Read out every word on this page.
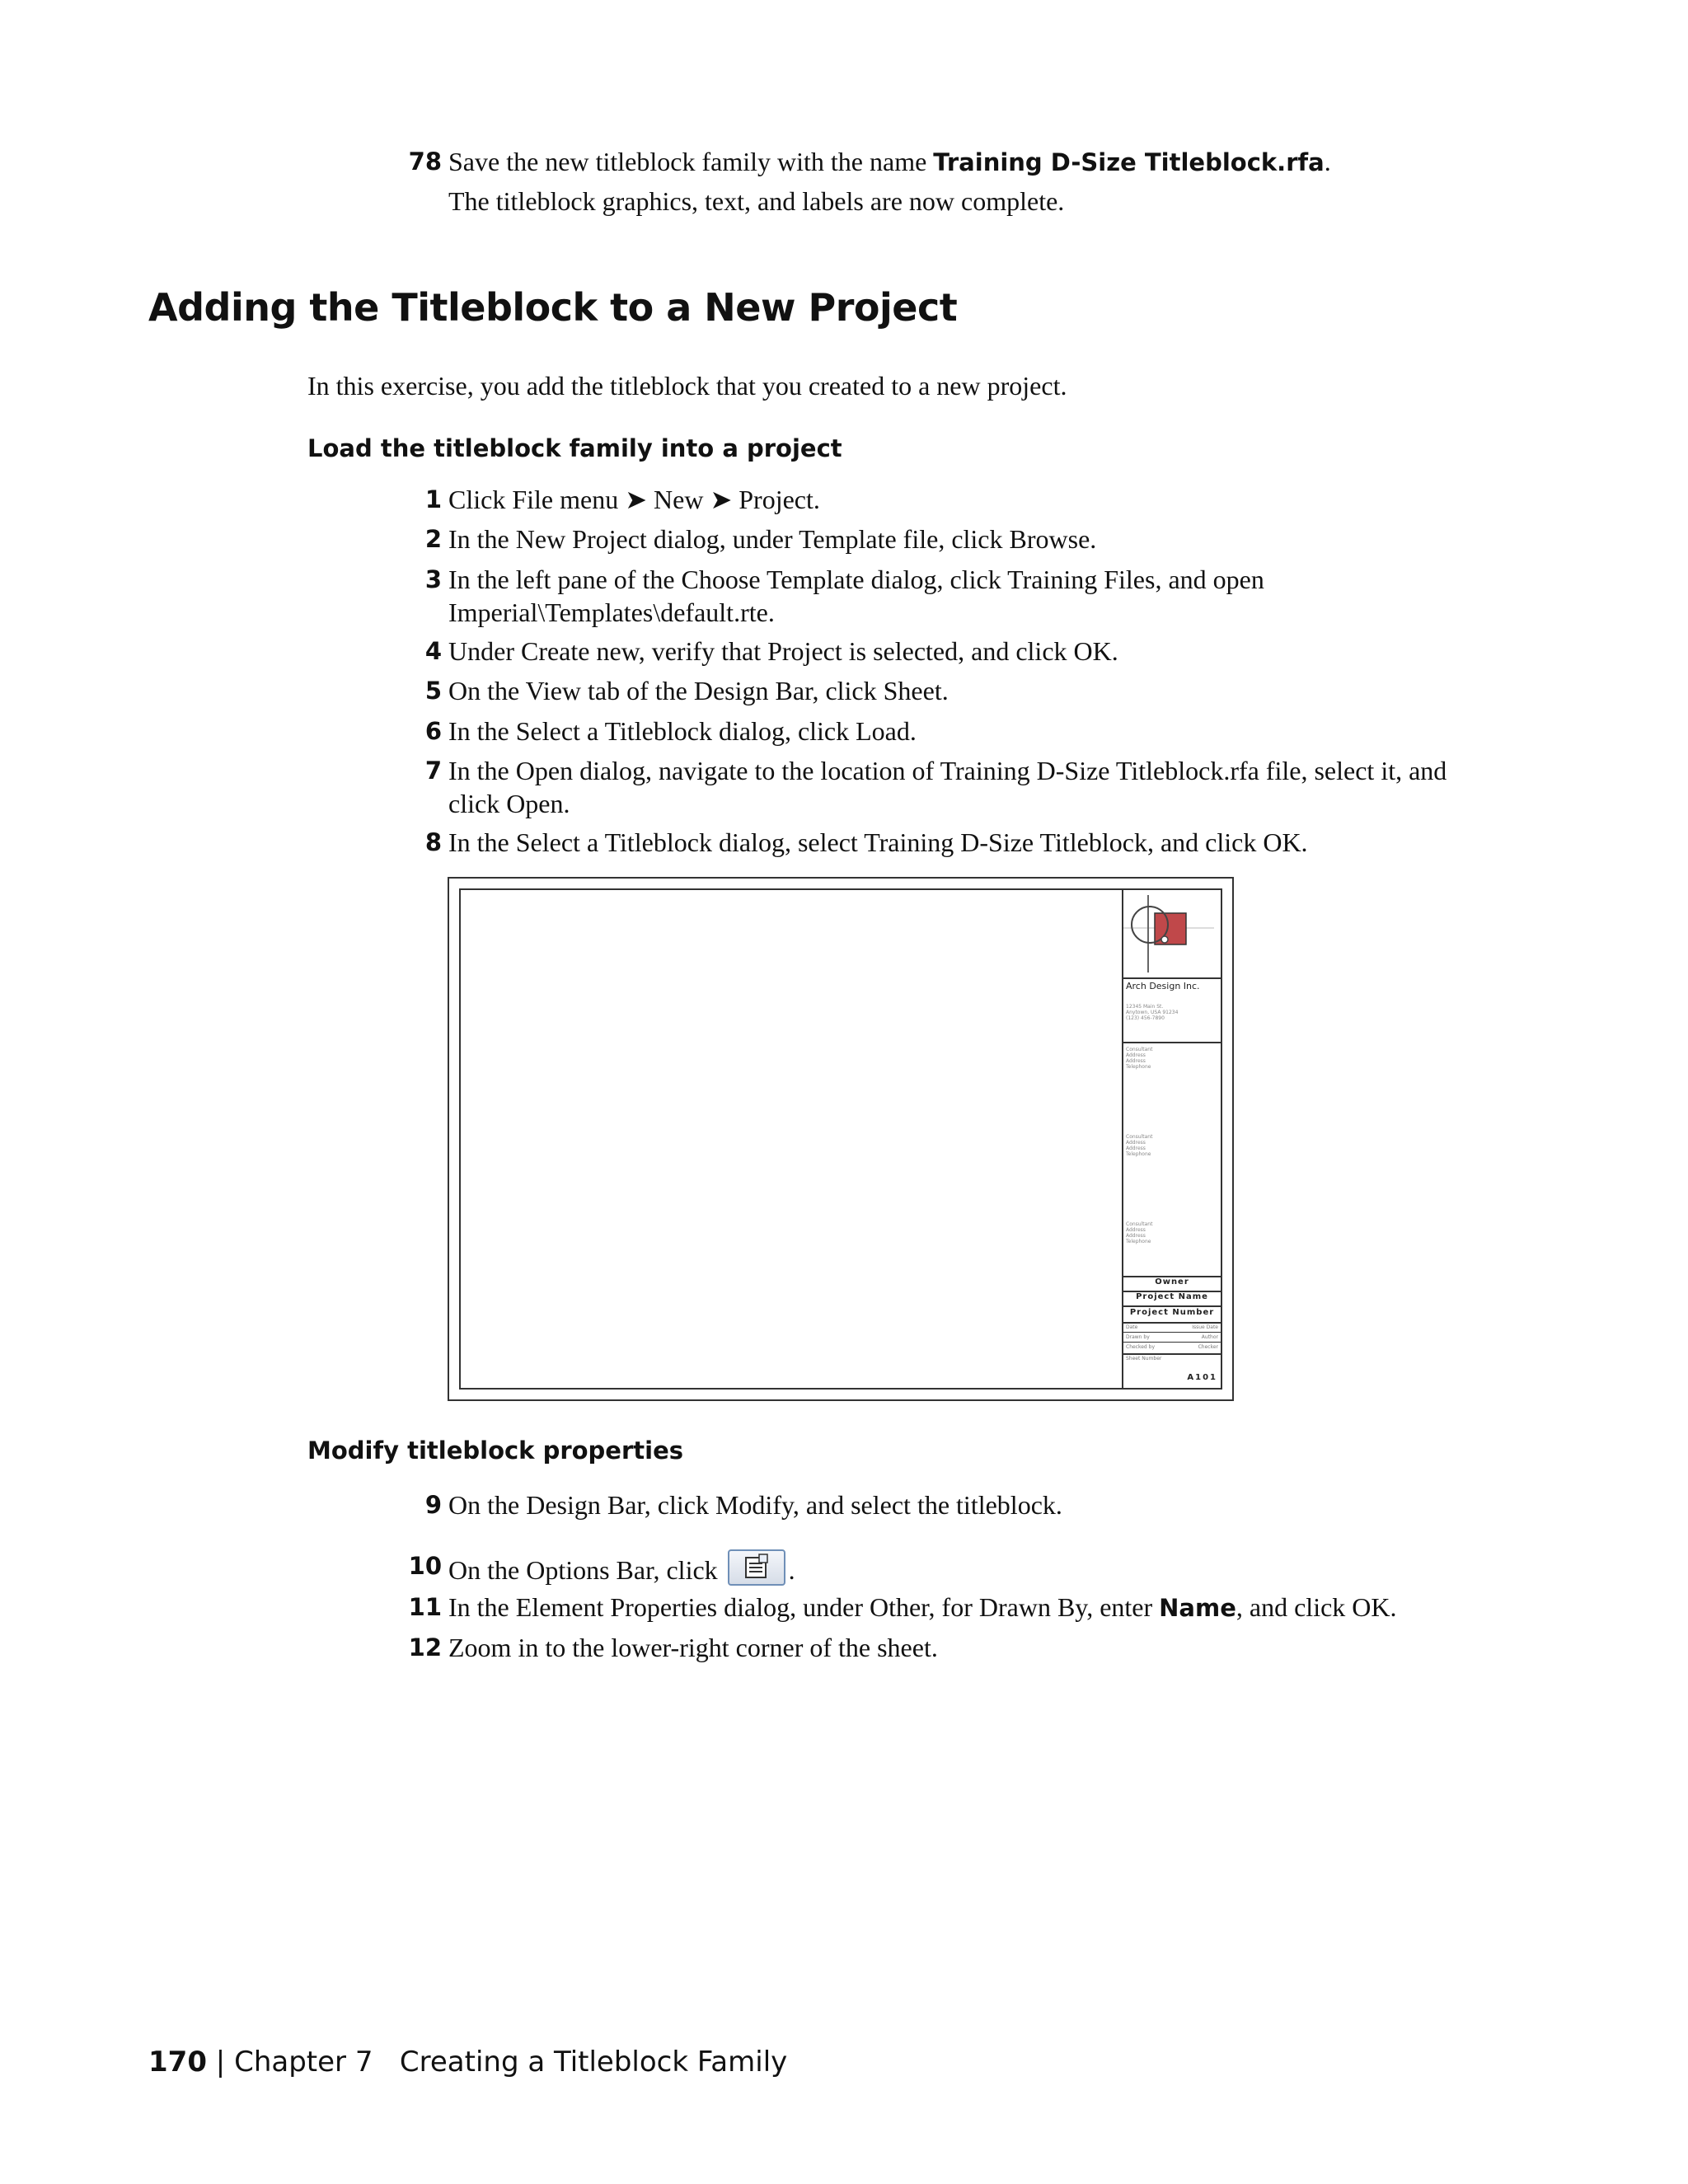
78 Save the new titleblock family with the name Training D-Size Titleblock.rfa.
The titleblock graphics, text, and labels are now complete.
Adding the Titleblock to a New Project
In this exercise, you add the titleblock that you created to a new project.
Load the titleblock family into a project
1 Click File menu ➤ New ➤ Project.
2 In the New Project dialog, under Template file, click Browse.
3 In the left pane of the Choose Template dialog, click Training Files, and open
Imperial\Templates\default.rte.
4 Under Create new, verify that Project is selected, and click OK.
5 On the View tab of the Design Bar, click Sheet.
6 In the Select a Titleblock dialog, click Load.
7 In the Open dialog, navigate to the location of Training D-Size Titleblock.rfa file, select it, and
click Open.
8 In the Select a Titleblock dialog, select Training D-Size Titleblock, and click OK.
Arch Design Inc.
12345 Main St.
Anytown, USA 91234
(123) 456-7890
Consultant
Address
Address
Telephone
Consultant
Address
Address
Telephone
Consultant
Address
Address
Telephone
Owner
Project Name
Project Number
Date	Issue Date
Drawn by	Author
Checked by	Checker
Sheet Number
A101
Modify titleblock properties
9 On the Design Bar, click Modify, and select the titleblock.
10 On the Options Bar, click	.
11 In the Element Properties dialog, under Other, for Drawn By, enter Name, and click OK.
12 Zoom in to the lower-right corner of the sheet.
170 | Chapter 7 Creating a Titleblock Family
